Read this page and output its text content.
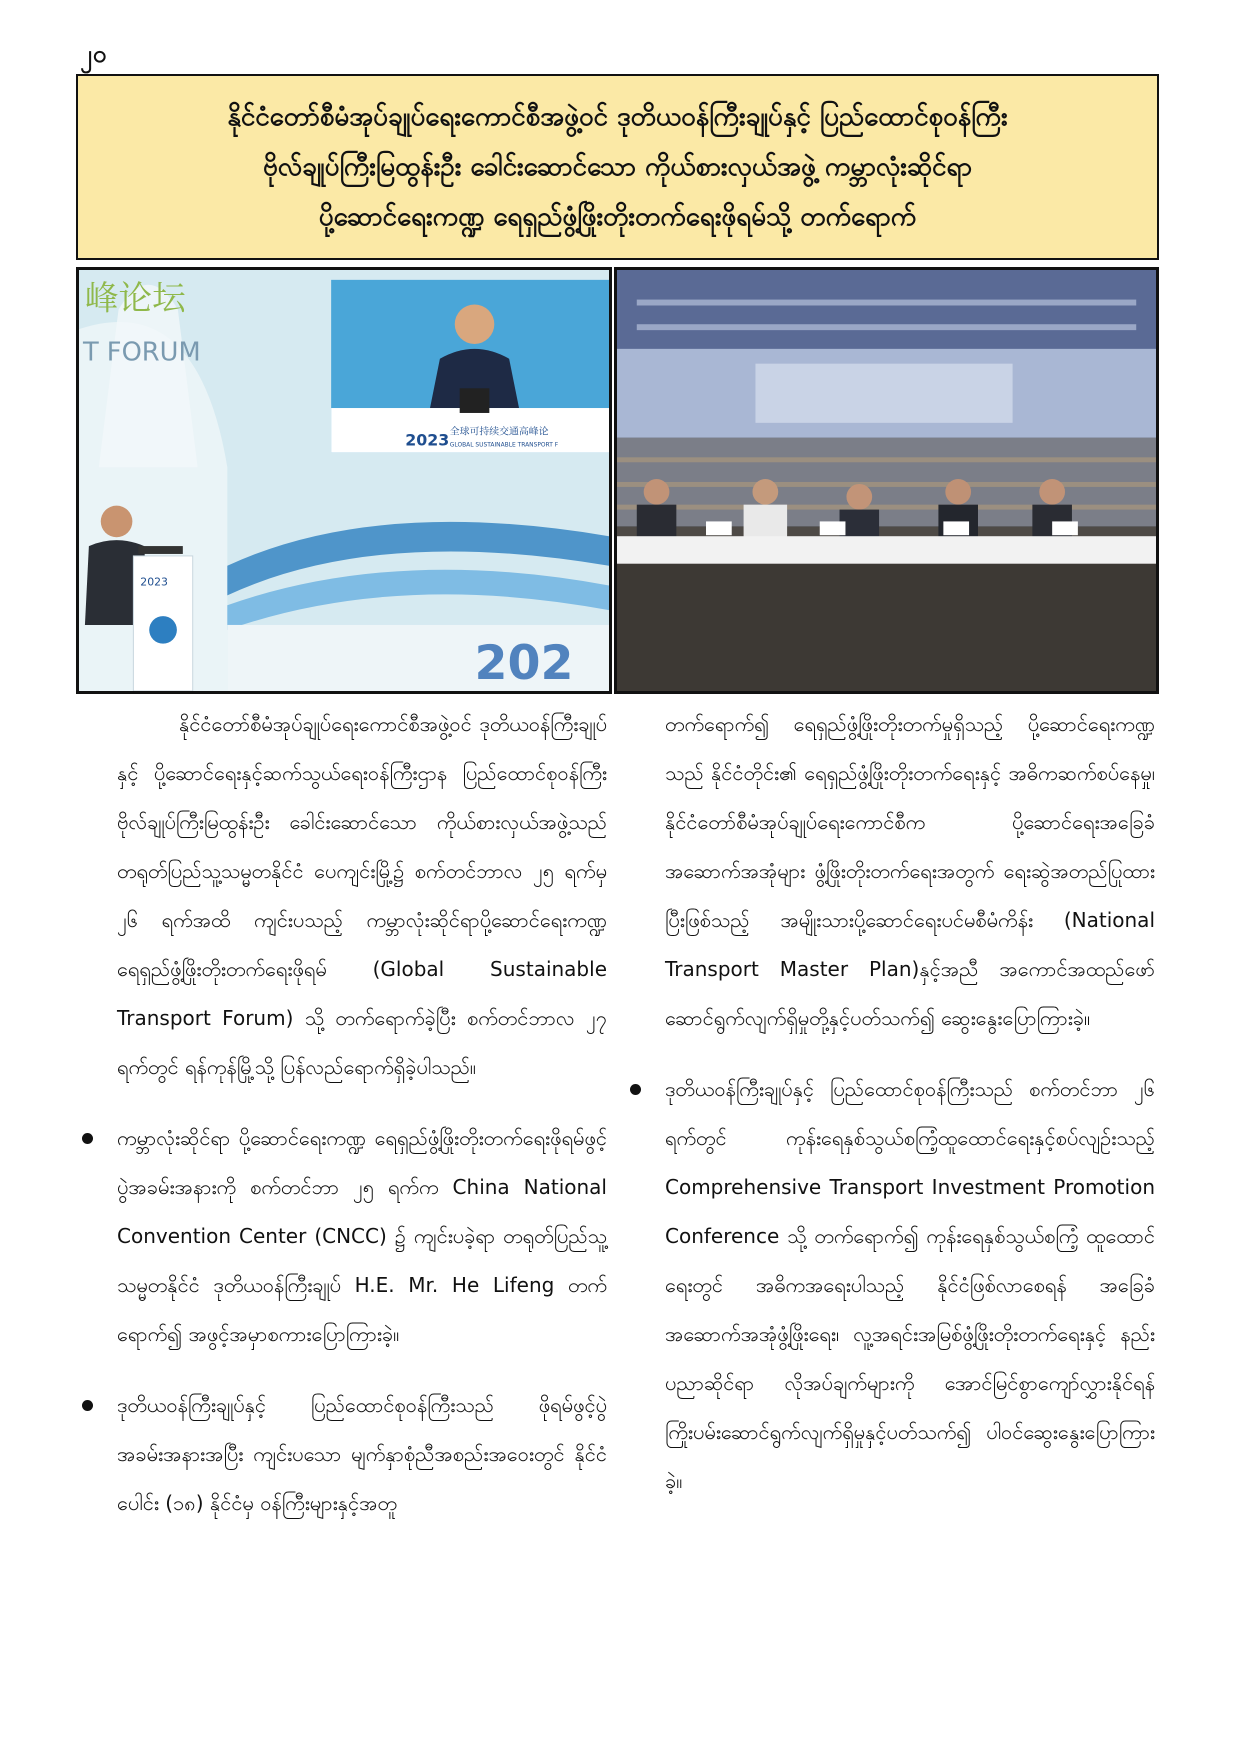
၂၀
နိုင်ငံတော်စီမံအုပ်ချုပ်ရေးကောင်စီအဖွဲ့ဝင် ဒုတိယဝန်ကြီးချုပ်နှင့် ပြည်ထောင်စုဝန်ကြီး
ဗိုလ်ချုပ်ကြီးမြထွန်းဦး ခေါင်းဆောင်သော ကိုယ်စားလှယ်အဖွဲ့ ကမ္ဘာလုံးဆိုင်ရာ
ပို့ဆောင်ရေးကဏ္ဍ ရေရှည်ဖွံ့ဖြိုးတိုးတက်ရေးဖိုရမ်သို့ တက်ရောက်
峰论坛
T FORUM
2023 全球可持续交通高峰论
GLOBAL SUSTAINABLE TRANSPORT F
202
2023

နိုင်ငံတော်စီမံအုပ်ချုပ်ရေးကောင်စီအဖွဲ့ဝင် ဒုတိယဝန်ကြီးချုပ်နှင့် ပို့ဆောင်ရေးနှင့်ဆက်သွယ်ရေးဝန်ကြီးဌာန ပြည်ထောင်စုဝန်ကြီး ဗိုလ်ချုပ်ကြီးမြထွန်းဦး ခေါင်းဆောင်သော ကိုယ်စားလှယ်အဖွဲ့သည် တရုတ်ပြည်သူ့သမ္မတနိုင်ငံ ပေကျင်းမြို့၌ စက်တင်ဘာလ ၂၅ ရက်မှ ၂၆ ရက်အထိ ကျင်းပသည့် ကမ္ဘာလုံးဆိုင်ရာပို့ဆောင်ရေးကဏ္ဍ ရေရှည်ဖွံ့ဖြိုးတိုးတက်ရေးဖိုရမ် (Global Sustainable Transport Forum) သို့ တက်ရောက်ခဲ့ပြီး စက်တင်ဘာလ ၂၇ ရက်တွင် ရန်ကုန်မြို့သို့ ပြန်လည်ရောက်ရှိခဲ့ပါသည်။

ကမ္ဘာလုံးဆိုင်ရာ ပို့ဆောင်ရေးကဏ္ဍ ရေရှည်ဖွံ့ဖြိုးတိုးတက်ရေးဖိုရမ်ဖွင့်ပွဲအခမ်းအနားကို စက်တင်ဘာ ၂၅ ရက်က China National Convention Center (CNCC) ၌ ကျင်းပခဲ့ရာ တရုတ်ပြည်သူ့သမ္မတနိုင်ငံ ဒုတိယဝန်ကြီးချုပ် H.E. Mr. He Lifeng တက်ရောက်၍ အဖွင့်အမှာစကားပြောကြားခဲ့။

ဒုတိယဝန်ကြီးချုပ်နှင့် ပြည်ထောင်စုဝန်ကြီးသည် ဖိုရမ်ဖွင့်ပွဲအခမ်းအနားအပြီး ကျင်းပသော မျက်နှာစုံညီအစည်းအဝေးတွင် နိုင်ငံပေါင်း (၁၈) နိုင်ငံမှ ဝန်ကြီးများနှင့်အတူ

တက်ရောက်၍ ရေရှည်ဖွံ့ဖြိုးတိုးတက်မှုရှိသည့် ပို့ဆောင်ရေးကဏ္ဍသည် နိုင်ငံတိုင်း၏ ရေရှည်ဖွံ့ဖြိုးတိုးတက်ရေးနှင့် အဓိကဆက်စပ်နေမှု၊ နိုင်ငံတော်စီမံအုပ်ချုပ်ရေးကောင်စီက ပို့ဆောင်ရေးအခြေခံအဆောက်အအုံများ ဖွံ့ဖြိုးတိုးတက်ရေးအတွက် ရေးဆွဲအတည်ပြုထားပြီးဖြစ်သည့် အမျိုးသားပို့ဆောင်ရေးပင်မစီမံကိန်း (National Transport Master Plan)နှင့်အညီ အကောင်အထည်ဖော် ဆောင်ရွက်လျက်ရှိမှုတို့နှင့်ပတ်သက်၍ ဆွေးနွေးပြောကြားခဲ့။

ဒုတိယဝန်ကြီးချုပ်နှင့် ပြည်ထောင်စုဝန်ကြီးသည် စက်တင်ဘာ ၂၆ ရက်တွင် ကုန်းရေနှစ်သွယ်စကြံ့ထူထောင်ရေးနှင့်စပ်လျဉ်းသည့် Comprehensive Transport Investment Promotion Conference သို့ တက်ရောက်၍ ကုန်းရေနှစ်သွယ်စကြံ့ ထူထောင်ရေးတွင် အဓိကအရေးပါသည့် နိုင်ငံဖြစ်လာစေရန် အခြေခံအဆောက်အအုံဖွံ့ဖြိုးရေး၊ လူ့အရင်းအမြစ်ဖွံ့ဖြိုးတိုးတက်ရေးနှင့် နည်းပညာဆိုင်ရာ လိုအပ်ချက်များကို အောင်မြင်စွာကျော်လွှားနိုင်ရန်ကြိုးပမ်းဆောင်ရွက်လျက်ရှိမှုနှင့်ပတ်သက်၍ ပါဝင်ဆွေးနွေးပြောကြားခဲ့။
